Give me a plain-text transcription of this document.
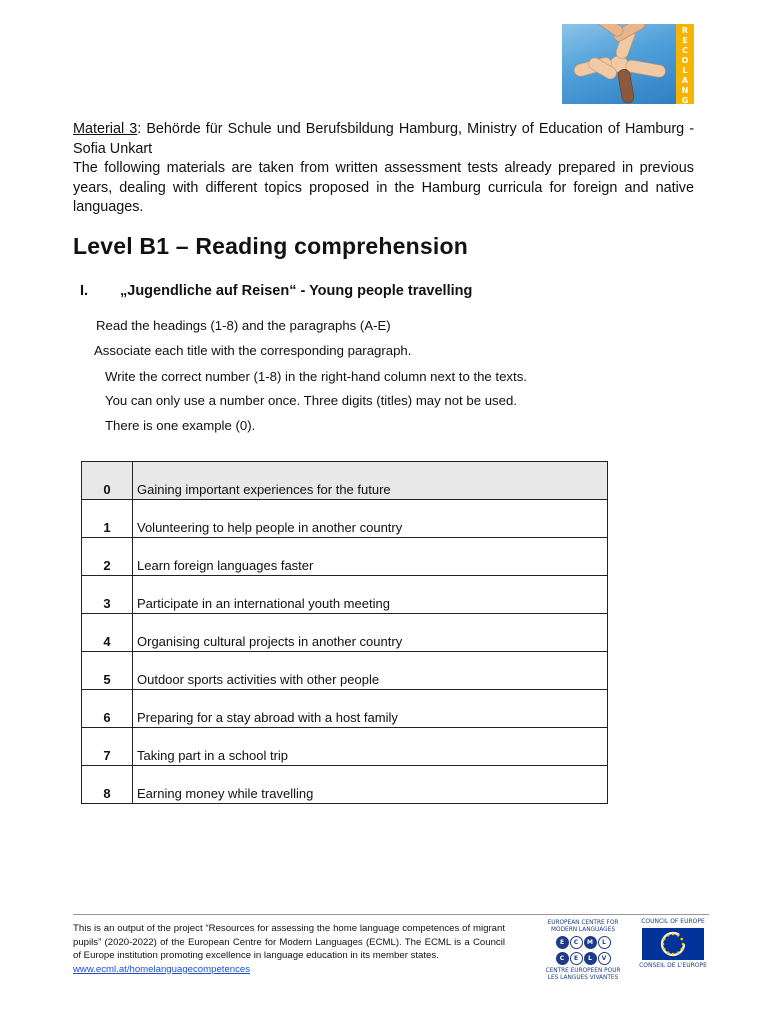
R
E
C
O
L
A
N
G

Material 3: Behörde für Schule und Berufsbildung Hamburg, Ministry of Education of Hamburg - Sofia Unkart

The following materials are taken from written assessment tests already prepared in previous years, dealing with different topics proposed in the Hamburg curricula for foreign and native languages.

Level B1 – Reading comprehension
I. „Jugendliche auf Reisen“ - Young people travelling
Read the headings (1-8) and the paragraphs (A-E)
Associate each title with the corresponding paragraph.
Write the correct number (1-8) in the right-hand column next to the texts.
You can only use a number once. Three digits (titles) may not be used.
There is one example (0).
0	Gaining important experiences for the future
1	Volunteering to help people in another country
2	Learn foreign languages faster
3	Participate in an international youth meeting
4	Organising cultural projects in another country
5	Outdoor sports activities with other people
6	Preparing for a stay abroad with a host family
7	Taking part in a school trip
8	Earning money while travelling
This is an output of the project “Resources for assessing the home language competences of migrant pupils” (2020-2022) of the European Centre for Modern Languages (ECML). The ECML is a Council of Europe institution promoting excellence in language education in its member states.
www.ecml.at/homelanguagecompetences
EUROPEAN CENTRE FOR MODERN LANGUAGES
E	C	M	L
C	E	L	V
CENTRE EUROPEEN POUR LES LANGUES VIVANTES
COUNCIL OF EUROPE
CONSEIL DE L'EUROPE
